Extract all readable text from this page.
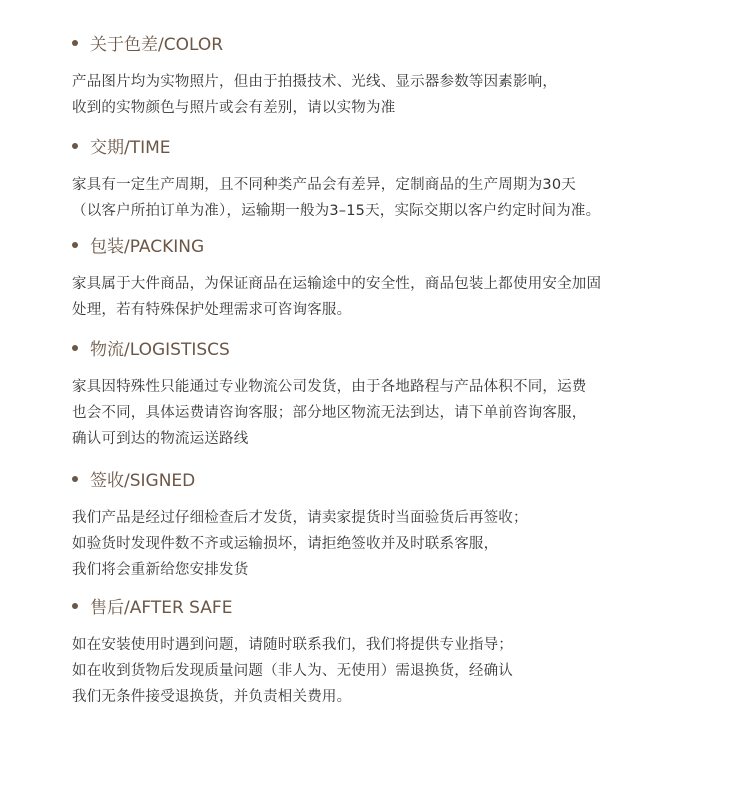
关于色差/COLOR
产品图片均为实物照片，但由于拍摄技术、光线、显示器参数等因素影响，
收到的实物颜色与照片或会有差别，请以实物为准
交期/TIME
家具有一定生产周期，且不同种类产品会有差异，定制商品的生产周期为30天
（以客户所拍订单为准），运输期一般为3–15天，实际交期以客户约定时间为准。
包装/PACKING
家具属于大件商品，为保证商品在运输途中的安全性，商品包装上都使用安全加固
处理，若有特殊保护处理需求可咨询客服。
物流/LOGISTISCS
家具因特殊性只能通过专业物流公司发货，由于各地路程与产品体积不同，运费
也会不同，具体运费请咨询客服；部分地区物流无法到达，请下单前咨询客服，
确认可到达的物流运送路线
签收/SIGNED
我们产品是经过仔细检查后才发货，请卖家提货时当面验货后再签收；
如验货时发现件数不齐或运输损坏，请拒绝签收并及时联系客服，
我们将会重新给您安排发货
售后/AFTER SAFE
如在安装使用时遇到问题，请随时联系我们，我们将提供专业指导；
如在收到货物后发现质量问题（非人为、无使用）需退换货，经确认
我们无条件接受退换货，并负责相关费用。
